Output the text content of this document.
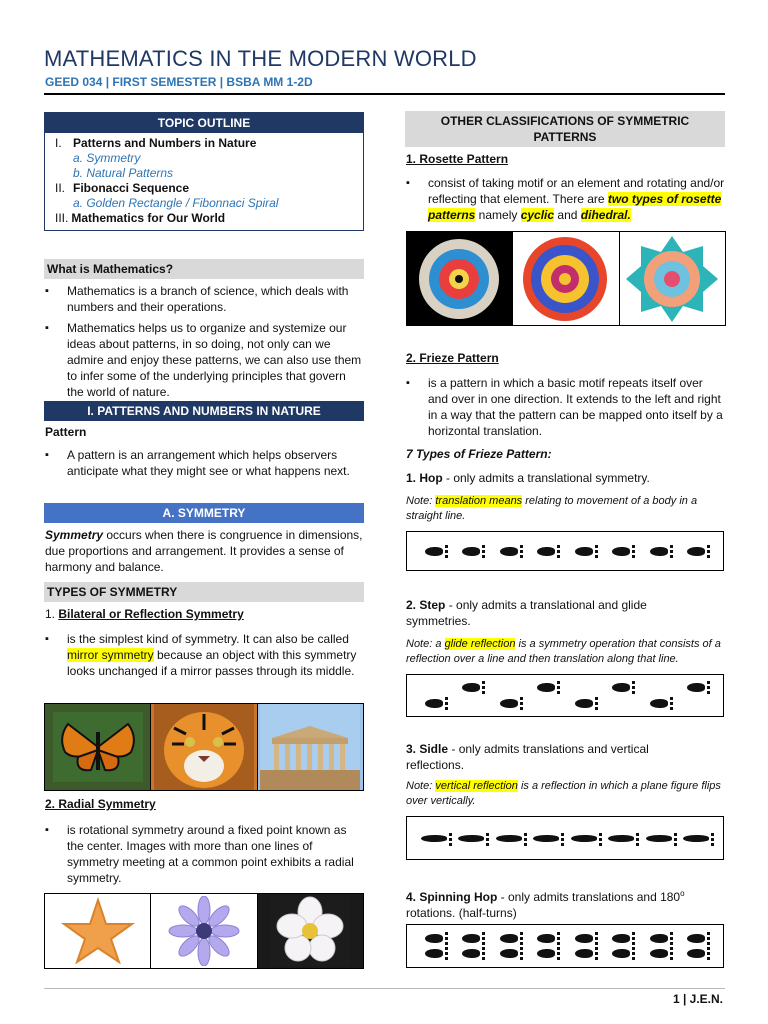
MATHEMATICS IN THE MODERN WORLD
GEED 034 | FIRST SEMESTER | BSBA MM 1-2D
TOPIC OUTLINE
I. Patterns and Numbers in Nature
a. Symmetry
b. Natural Patterns
II. Fibonacci Sequence
a. Golden Rectangle / Fibonnaci Spiral
III. Mathematics for Our World
What is Mathematics?
▪ Mathematics is a branch of science, which deals with numbers and their operations.
▪ Mathematics helps us to organize and systemize our ideas about patterns, in so doing, not only can we admire and enjoy these patterns, we can also use them to infer some of the underlying principles that govern the world of nature.
I. PATTERNS AND NUMBERS IN NATURE
Pattern
▪ A pattern is an arrangement which helps observers anticipate what they might see or what happens next.
A. SYMMETRY
Symmetry occurs when there is congruence in dimensions, due proportions and arrangement. It provides a sense of harmony and balance.
TYPES OF SYMMETRY
1. Bilateral or Reflection Symmetry
▪ is the simplest kind of symmetry. It can also be called mirror symmetry because an object with this symmetry looks unchanged if a mirror passes through its middle.
2. Radial Symmetry
▪ is rotational symmetry around a fixed point known as the center. Images with more than one lines of symmetry meeting at a common point exhibits a radial symmetry.
OTHER CLASSIFICATIONS OF SYMMETRIC PATTERNS
1. Rosette Pattern
▪ consist of taking motif or an element and rotating and/or reflecting that element. There are two types of rosette patterns namely cyclic and dihedral.
2. Frieze Pattern
▪ is a pattern in which a basic motif repeats itself over and over in one direction. It extends to the left and right in a way that the pattern can be mapped onto itself by a horizontal translation.
7 Types of Frieze Pattern:
1. Hop - only admits a translational symmetry.
Note: translation means relating to movement of a body in a straight line.
2. Step - only admits a translational and glide symmetries.
Note: a glide reflection is a symmetry operation that consists of a reflection over a line and then translation along that line.
3. Sidle - only admits translations and vertical reflections.
Note: vertical reflection is a reflection in which a plane figure flips over vertically.
4. Spinning Hop - only admits translations and 180$^o$ rotations. (half-turns)
1 | J.E.N.
